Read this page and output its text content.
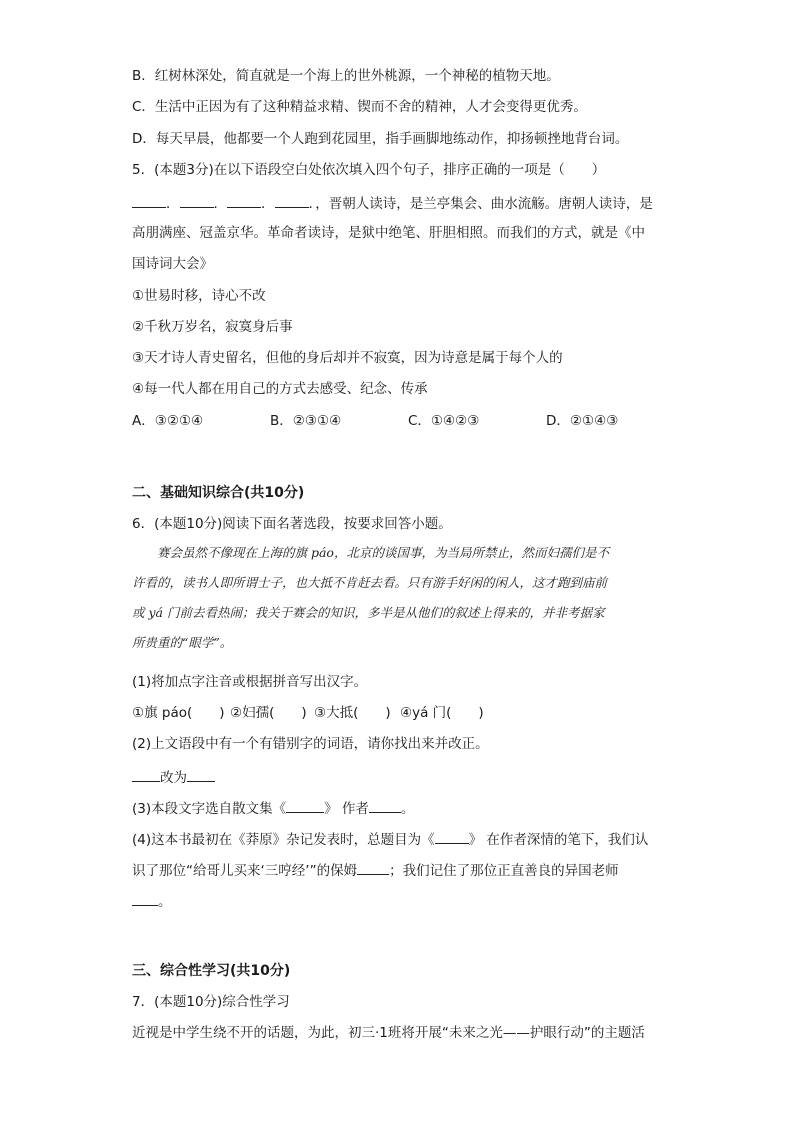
B．红树林深处，简直就是一个海上的世外桃源，一个神秘的植物天地。
C．生活中正因为有了这种精益求精、锲而不舍的精神，人才会变得更优秀。
D．每天早晨，他都要一个人跑到花园里，指手画脚地练动作，抑扬顿挫地背台词。
5．(本题3分)在以下语段空白处依次填入四个句子，排序正确的一项是（　　）
．	．	．	．，晋朝人读诗，是兰亭集会、曲水流觞。唐朝人读诗，是
高朋满座、冠盖京华。革命者读诗，是狱中绝笔、肝胆相照。而我们的方式，就是《中
国诗词大会》
①世易时移，诗心不改
②千秋万岁名，寂寞身后事
③天才诗人青史留名，但他的身后却并不寂寞，因为诗意是属于每个人的
④每一代人都在用自己的方式去感受、纪念、传承
A．③②①④	B．②③①④	C．①④②③	D．②①④③
二、基础知识综合(共10分)
6．(本题10分)阅读下面名著选段，按要求回答小题。

　　赛会虽然不像现在上海的旗 páo，北京的谈国事，为当局所禁止，然而妇孺们是不

许看的，读书人即所谓士子，也大抵不肯赶去看。只有游手好闲的闲人，这才跑到庙前

或 yá 门前去看热闹；我关于赛会的知识，多半是从他们的叙述上得来的，并非考据家

所贵重的“眼学”。

(1)将加点字注音或根据拼音写出汉字。
①旗 páo(　　) ②妇孺(　　) ③大抵(　　) ④yá 门(　　)
(2)上文语段中有一个有错别字的词语，请你找出来并改正。
改为
(3)本段文字选自散文集《	》 作者 。
(4)这本书最初在《莽原》杂记发表时，总题目为《	》 在作者深情的笔下，我们认
识了那位“给哥儿买来‘三哼经’”的保姆 ；我们记住了那位正直善良的异国老师
。
三、综合性学习(共10分)
7．(本题10分)综合性学习
近视是中学生绕不开的话题，为此，初三·1班将开展“未来之光——护眼行动”的主题活
